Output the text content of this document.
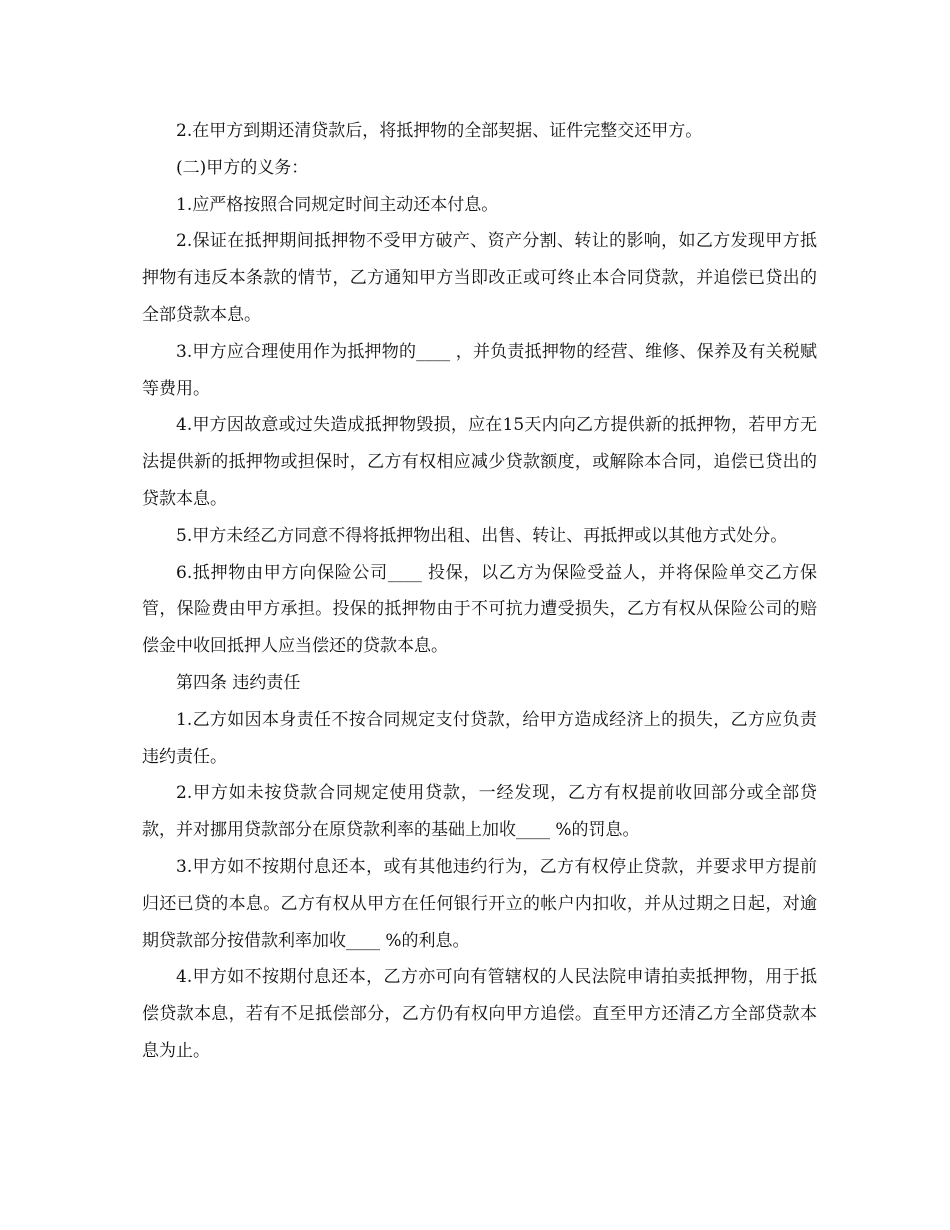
2.在甲方到期还清贷款后，将抵押物的全部契据、证件完整交还甲方。

(二)甲方的义务：

1.应严格按照合同规定时间主动还本付息。

2.保证在抵押期间抵押物不受甲方破产、资产分割、转让的影响，如乙方发现甲方抵押物有违反本条款的情节，乙方通知甲方当即改正或可终止本合同贷款，并追偿已贷出的全部贷款本息。

3.甲方应合理使用作为抵押物的____ ，并负责抵押物的经营、维修、保养及有关税赋等费用。

4.甲方因故意或过失造成抵押物毁损，应在15天内向乙方提供新的抵押物，若甲方无法提供新的抵押物或担保时，乙方有权相应减少贷款额度，或解除本合同，追偿已贷出的贷款本息。

5.甲方未经乙方同意不得将抵押物出租、出售、转让、再抵押或以其他方式处分。

6.抵押物由甲方向保险公司____ 投保，以乙方为保险受益人，并将保险单交乙方保管，保险费由甲方承担。投保的抵押物由于不可抗力遭受损失，乙方有权从保险公司的赔偿金中收回抵押人应当偿还的贷款本息。

第四条 违约责任

1.乙方如因本身责任不按合同规定支付贷款，给甲方造成经济上的损失，乙方应负责违约责任。

2.甲方如未按贷款合同规定使用贷款，一经发现，乙方有权提前收回部分或全部贷款，并对挪用贷款部分在原贷款利率的基础上加收____ %的罚息。

3.甲方如不按期付息还本，或有其他违约行为，乙方有权停止贷款，并要求甲方提前归还已贷的本息。乙方有权从甲方在任何银行开立的帐户内扣收，并从过期之日起，对逾期贷款部分按借款利率加收____ %的利息。

4.甲方如不按期付息还本，乙方亦可向有管辖权的人民法院申请拍卖抵押物，用于抵偿贷款本息，若有不足抵偿部分，乙方仍有权向甲方追偿。直至甲方还清乙方全部贷款本息为止。
